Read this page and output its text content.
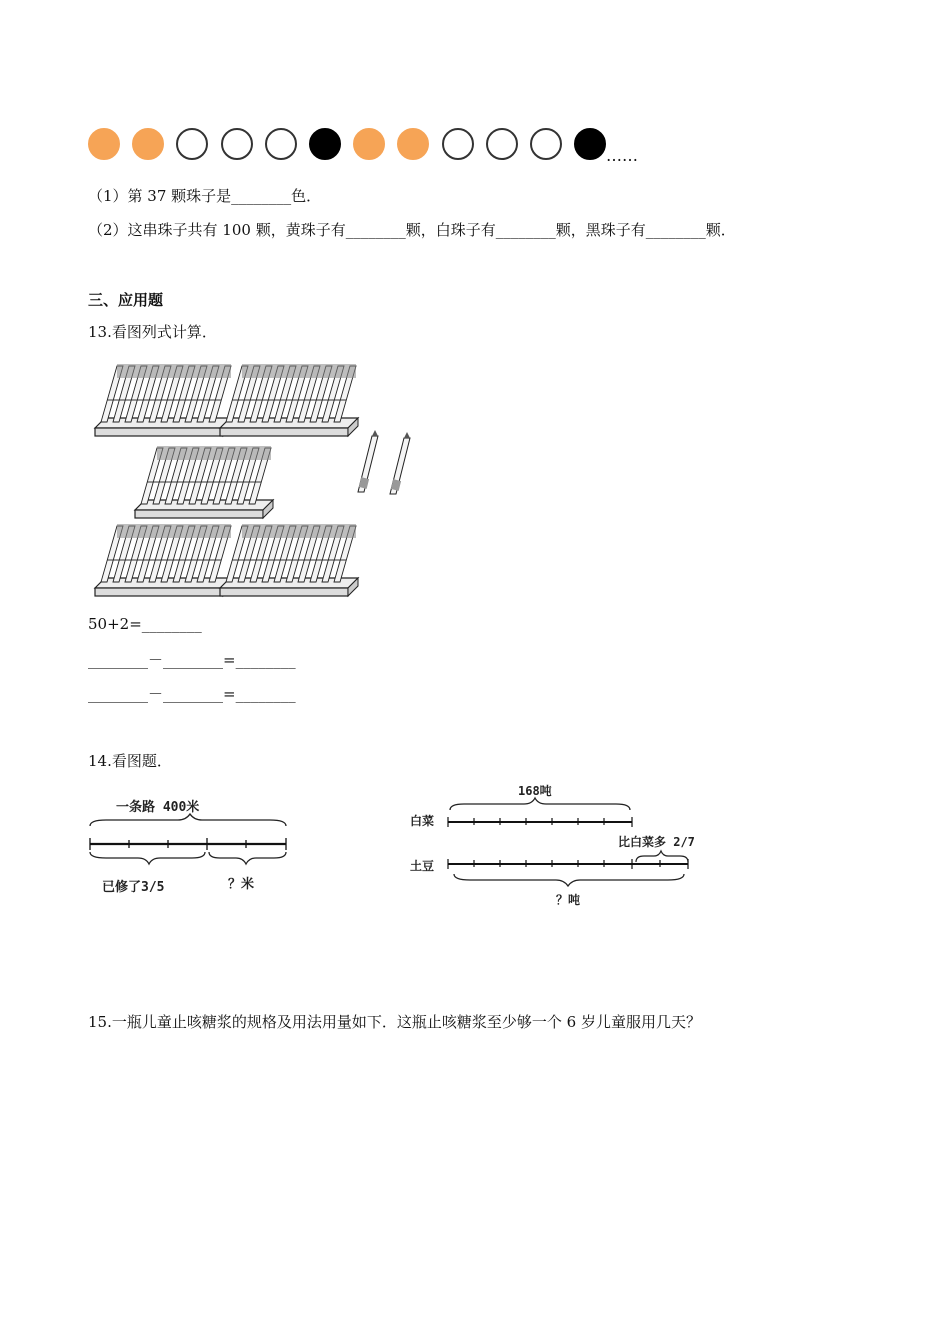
……
（1）第 37 颗珠子是________色．
（2）这串珠子共有 100 颗，黄珠子有________颗，白珠子有________颗，黑珠子有________颗．
三、应用题
13.看图列式计算．
50+2=________
________－________=________
________－________=________
14.看图题．
一条路 400米
已修了3/5	？米
168吨
白菜
比白菜多 2/7
土豆
？吨
15.一瓶儿童止咳糖浆的规格及用法用量如下．这瓶止咳糖浆至少够一个 6 岁儿童服用几天？
